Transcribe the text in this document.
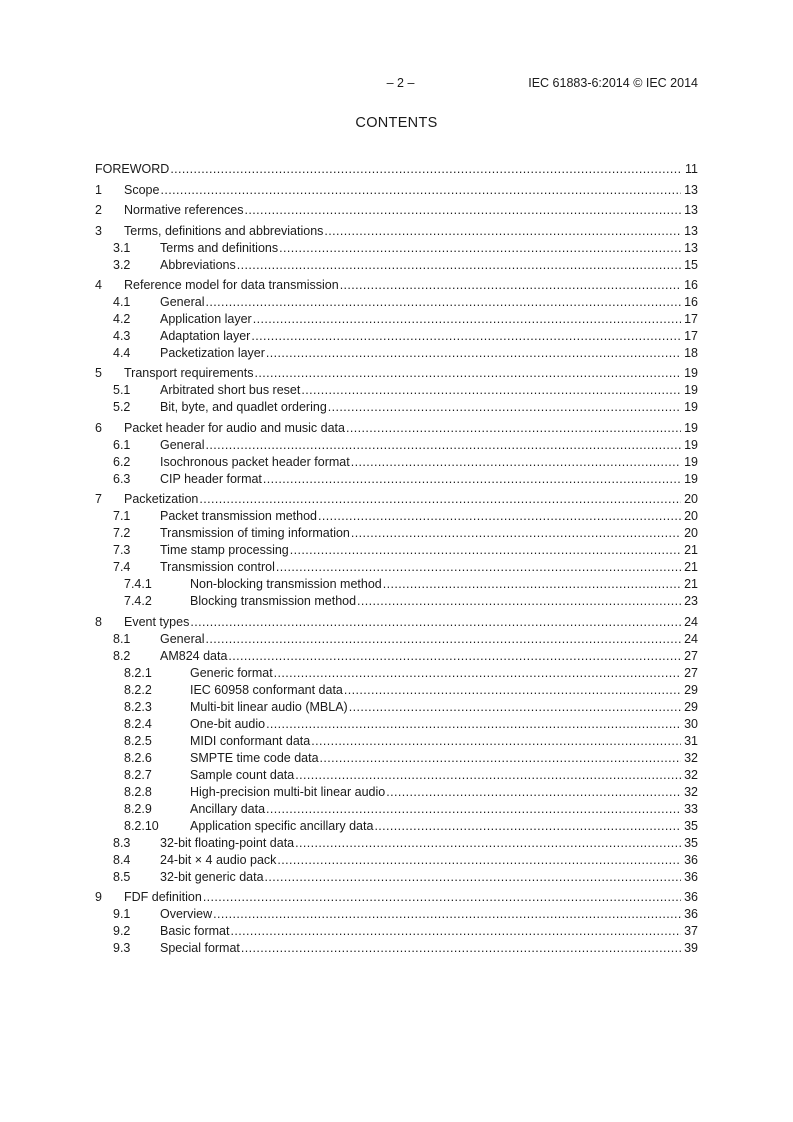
– 2 –	IEC 61883-6:2014 © IEC 2014
CONTENTS
FOREWORD .....	11
1	Scope .....	13
2	Normative references .....	13
3	Terms, definitions and abbreviations .....	13
3.1	Terms and definitions .....	13
3.2	Abbreviations .....	15
4	Reference model for data transmission .....	16
4.1	General .....	16
4.2	Application layer .....	17
4.3	Adaptation layer .....	17
4.4	Packetization layer .....	18
5	Transport requirements .....	19
5.1	Arbitrated short bus reset .....	19
5.2	Bit, byte, and quadlet ordering .....	19
6	Packet header for audio and music data .....	19
6.1	General .....	19
6.2	Isochronous packet header format .....	19
6.3	CIP header format .....	19
7	Packetization .....	20
7.1	Packet transmission method .....	20
7.2	Transmission of timing information .....	20
7.3	Time stamp processing .....	21
7.4	Transmission control .....	21
7.4.1	Non-blocking transmission method .....	21
7.4.2	Blocking transmission method .....	23
8	Event types .....	24
8.1	General .....	24
8.2	AM824 data .....	27
8.2.1	Generic format .....	27
8.2.2	IEC 60958 conformant data .....	29
8.2.3	Multi-bit linear audio (MBLA) .....	29
8.2.4	One-bit audio .....	30
8.2.5	MIDI conformant data .....	31
8.2.6	SMPTE time code data .....	32
8.2.7	Sample count data .....	32
8.2.8	High-precision multi-bit linear audio .....	32
8.2.9	Ancillary data .....	33
8.2.10	Application specific ancillary data .....	35
8.3	32-bit floating-point data .....	35
8.4	24-bit × 4 audio pack .....	36
8.5	32-bit generic data .....	36
9	FDF definition .....	36
9.1	Overview .....	36
9.2	Basic format .....	37
9.3	Special format .....	39
